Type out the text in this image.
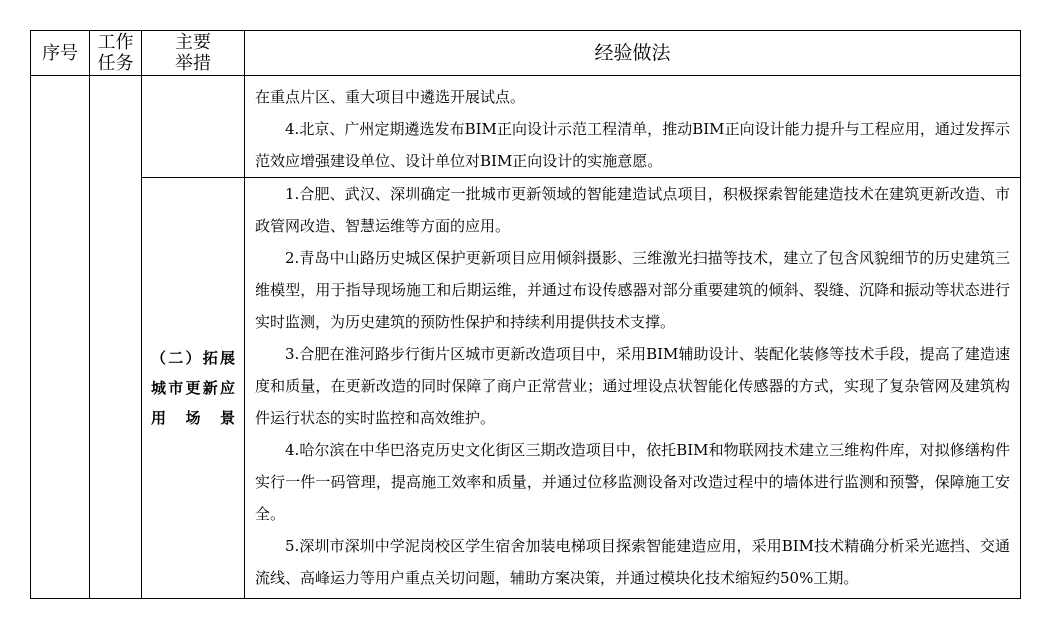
序号	工作任务	主要举措	经验做法

			在重点片区、重大项目中遴选开展试点。

4.北京、广州定期遴选发布BIM正向设计示范工程清单，推动BIM正向设计能力提升与工程应用，通过发挥示范效应增强建设单位、设计单位对BIM正向设计的实施意愿。

		（二）拓展城市更新应用场景	1.合肥、武汉、深圳确定一批城市更新领域的智能建造试点项目，积极探索智能建造技术在建筑更新改造、市政管网改造、智慧运维等方面的应用。

2.青岛中山路历史城区保护更新项目应用倾斜摄影、三维激光扫描等技术，建立了包含风貌细节的历史建筑三维模型，用于指导现场施工和后期运维，并通过布设传感器对部分重要建筑的倾斜、裂缝、沉降和振动等状态进行实时监测，为历史建筑的预防性保护和持续利用提供技术支撑。

3.合肥在淮河路步行街片区城市更新改造项目中，采用BIM辅助设计、装配化装修等技术手段，提高了建造速度和质量，在更新改造的同时保障了商户正常营业；通过埋设点状智能化传感器的方式，实现了复杂管网及建筑构件运行状态的实时监控和高效维护。

4.哈尔滨在中华巴洛克历史文化街区三期改造项目中，依托BIM和物联网技术建立三维构件库，对拟修缮构件实行一件一码管理，提高施工效率和质量，并通过位移监测设备对改造过程中的墙体进行监测和预警，保障施工安全。

5.深圳市深圳中学泥岗校区学生宿舍加装电梯项目探索智能建造应用，采用BIM技术精确分析采光遮挡、交通流线、高峰运力等用户重点关切问题，辅助方案决策，并通过模块化技术缩短约50%工期。
